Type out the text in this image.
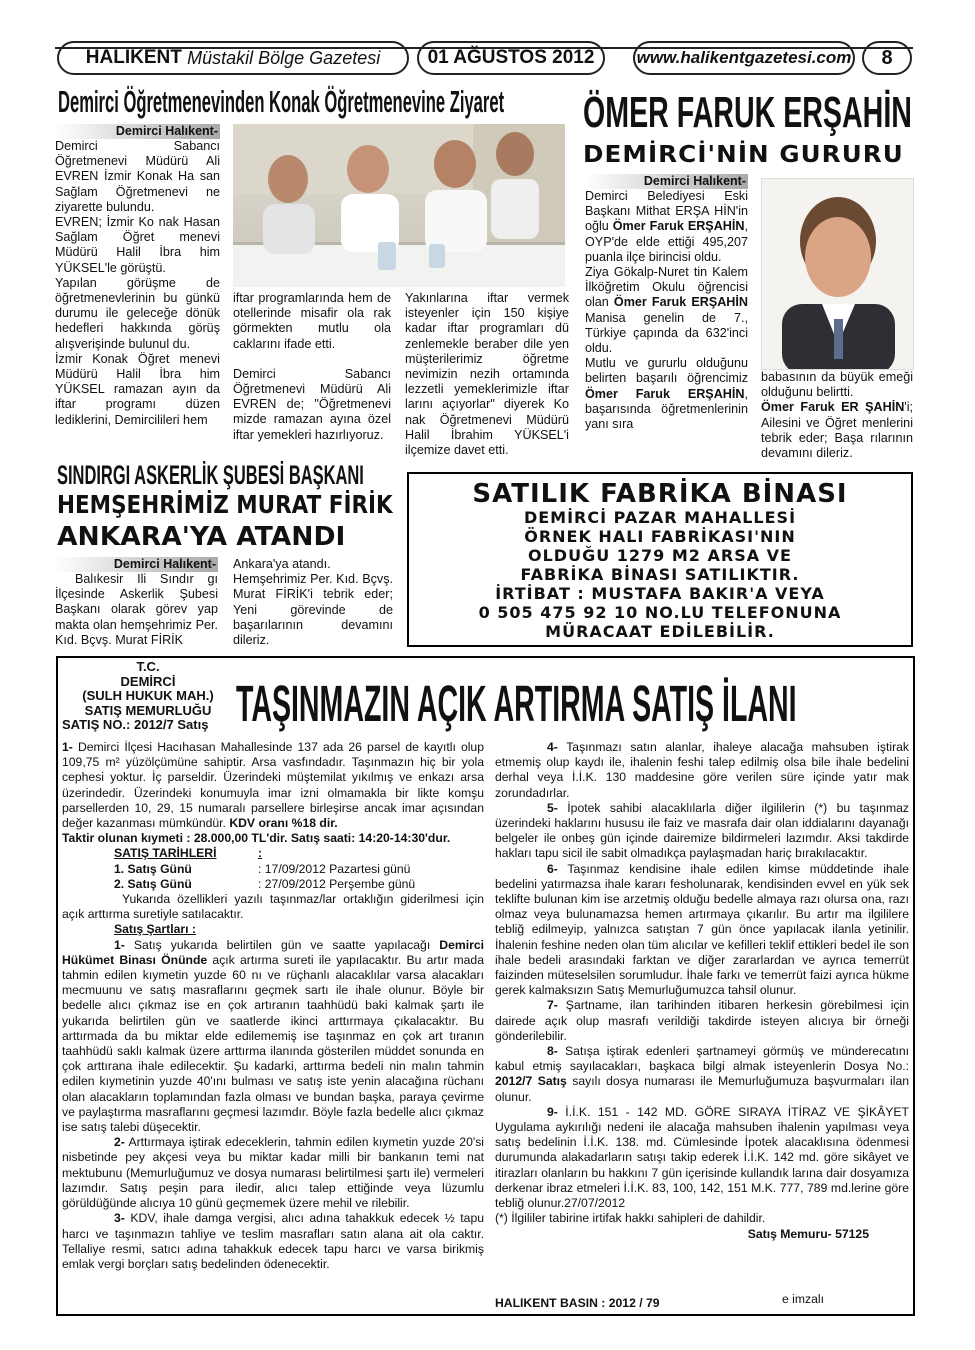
HALIKENT
Müstakil Bölge Gazetesi 01 AĞUSTOS 2012 www.halikentgazetesi.com 8
Demirci Öğretmenevinden Konak Öğretmenevine Ziyaret
Demirci Halıkent-

Demirci Sabancı Öğretmenevi Müdürü Ali EVREN İzmir Konak Ha san Sağlam Öğretmenevi ne ziyarette bulundu.

EVREN; İzmir Ko nak Hasan Sağlam Öğret menevi Müdürü Halil İbra him YÜKSEL'le görüştü.

Yapılan görüşme de öğretmenevlerinin bu günkü durumu ile geleceğe dönük hedefleri hakkında görüş alışverişinde bulunul du.

İzmir Konak Öğret menevi Müdürü Halil İbra him YÜKSEL ramazan ayın da iftar programı düzen lediklerini, Demircilileri hem

iftar programlarında hem de otellerinde misafir ola rak görmekten mutlu ola caklarını ifade etti.

Demirci Sabancı Öğretmenevi Müdürü Ali EVREN de; "Öğretmenevi mizde ramazan ayına özel iftar yemekleri hazırlıyoruz.

Yakınlarına iftar vermek isteyenler için 150 kişiye kadar iftar programları dü zenlemekle beraber dile yen müşterilerimiz öğretme nevimizin nezih ortamında lezzetli yemeklerimizle iftar larını açıyorlar" diyerek Ko nak Öğretmenevi Müdürü Halil İbrahim YÜKSEL'i ilçemize davet etti.

ÖMER FARUK ERŞAHİN
DEMİRCİ'NİN GURURU
Demirci Halıkent-

Demirci Belediyesi Eski Başkanı Mithat ERŞA HİN'in oğlu Ömer Faruk ERŞAHİN, OYP'de elde ettiği 495,207 puanla ilçe birincisi oldu.

Ziya Gökalp-Nuret tin Kalem İlköğretim Okulu öğrencisi olan Ömer Faruk ERŞAHİN Manisa genelin de 7., Türkiye çapında da 632'inci oldu.

Mutlu ve gururlu olduğunu belirten başarılı öğrencimiz Ömer Faruk ERŞAHİN, başarısında öğretmenlerinin yanı sıra

babasının da büyük emeği olduğunu belirtti.

Ömer Faruk ER ŞAHİN'i; Ailesini ve Öğret menlerini tebrik eder; Başa rılarının devamını dileriz.

SINDIRGI ASKERLİK ŞUBESİ BAŞKANI
HEMŞEHRİMİZ MURAT FİRİK
ANKARA'YA ATANDI
Demirci Halıkent-

Balıkesir Ili Sındır gı İlçesinde Askerlik Şubesi Başkanı olarak görev yap makta olan hemşehrimiz Per. Kıd. Bçvş. Murat FİRİK

Ankara'ya atandı.

Hemşehrimiz Per. Kıd. Bçvş. Murat FİRİK'i tebrik eder; Yeni görevinde de başarılarının devamını dileriz.

SATILIK FABRİKA BİNASI
DEMİRCİ PAZAR MAHALLESİ
ÖRNEK HALI FABRİKASI'NIN
OLDUĞU 1279 M2 ARSA VE
FABRİKA BİNASI SATILIKTIR.
İRTİBAT : MUSTAFA BAKIR'A VEYA
0 505 475 92 10 NO.LU TELEFONUNA
MÜRACAAT EDİLEBİLİR.
T.C.
DEMİRCİ
(SULH HUKUK MAH.)
SATIŞ MEMURLUĞU
SATIŞ NO.: 2012/7 Satış TAŞINMAZIN AÇIK ARTIRMA SATIŞ İLANI

1- Demirci İlçesi Hacıhasan Mahallesinde 137 ada 26 parsel de kayıtlı olup 109,75 m² yüzölçümüne sahiptir. Arsa vasfındadır. Taşınmazın hiç bir yola cephesi yoktur. İç parseldir. Üzerindeki müştemilat yıkılmış ve enkazı arsa üzerindedir. Üzerindeki konumuyla imar izni olmamakla bir likte komşu parsellerden 10, 29, 15 numaralı parsellere birleşirse ancak imar açısından değer kazanması mümkündür. KDV oranı %18 dir.

Taktir olunan kıymeti : 28.000,00 TL'dir. Satış saati: 14:20-14:30'dur.

SATIŞ TARİHLERİ	:
1. Satış Günü	: 17/09/2012 Pazartesi günü
2. Satış Günü	: 27/09/2012 Perşembe günü

Yukarıda özellikleri yazılı taşınmaz/lar ortaklığın giderilmesi için açık arttırma suretiyle satılacaktır.

Satış Şartları :

1- Satış yukarıda belirtilen gün ve saatte yapılacağı Demirci Hükümet Binası Önünde açık artırma sureti ile yapılacaktır. Bu artır mada tahmin edilen kıymetin yuzde 60 nı ve rüçhanlı alacaklılar varsa alacakları mecmuunu ve satış masraflarını geçmek sartı ile ihale olunur. Böyle bir bedelle alıcı çıkmaz ise en çok artıranın taahhüdü baki kalmak şartı ile yukarıda belirtilen gün ve saatlerde ikinci arttırmaya çıkalacaktır. Bu arttırmada da bu miktar elde edilememiş ise taşınmaz en çok art tıranın taahhüdü saklı kalmak üzere arttırma ilanında gösterilen müddet sonunda en çok arttırana ihale edilecektir. Şu kadarki, arttırma bedeli nin malın tahmin edilen kıymetinin yuzde 40'ını bulması ve satış iste yenin alacağına rüchanı olan alacakların toplamından fazla olması ve bundan başka, paraya çevirme ve paylaştırma masraflarını geçmesi lazımdır. Böyle fazla bedelle alıcı çıkmaz ise satış talebi düşecektir.

2- Arttırmaya iştirak edeceklerin, tahmin edilen kıymetin yuzde 20'si nisbetinde pey akçesi veya bu miktar kadar milli bir bankanın temi nat mektubunu (Memurluğumuz ve dosya numarası belirtilmesi şartı ile) vermeleri lazımdır. Satış peşin para iledir, alıcı talep ettiğinde veya lüzumlu görüldüğünde alıcıya 10 günü geçmemek üzere mehil ve rilebilir.

3- KDV, ihale damga vergisi, alıcı adına tahakkuk edecek ½ tapu harcı ve taşınmazın tahliye ve teslim masrafları satın alana ait ola caktır. Tellaliye resmi, satıcı adına tahakkuk edecek tapu harcı ve varsa birikmiş emlak vergi borçları satış bedelinden ödenecektir.

4- Taşınmazı satın alanlar, ihaleye alacağa mahsuben iştirak etmemiş olup kaydı ile, ihalenin feshi talep edilmiş olsa bile ihale bedelini derhal veya İ.İ.K. 130 maddesine göre verilen süre içinde yatır mak zorundadırlar.

5- İpotek sahibi alacaklılarla diğer ilgililerin (*) bu taşınmaz üzerindeki haklarını hususu ile faiz ve masrafa dair olan iddialarını dayanağı belgeler ile onbeş gün içinde dairemize bildirmeleri lazımdır. Aksi takdirde hakları tapu sicil ile sabit olmadıkça paylaşmadan hariç bırakılacaktır.

6- Taşınmaz kendisine ihale edilen kimse müddetinde ihale bedelini yatırmazsa ihale kararı fesholunarak, kendisinden evvel en yük sek teklifte bulunan kim ise arzetmiş olduğu bedelle almaya razı olursa ona, razı olmaz veya bulunamazsa hemen artırmaya çıkarılır. Bu artır ma ilgililere tebliğ edilmeyip, yalnızca satıştan 7 gün önce yapılacak ilanla yetinilir. İhalenin feshine neden olan tüm alıcılar ve kefilleri teklif ettikleri bedel ile son ihale bedeli arasındaki farktan ve diğer zararlardan ve ayrıca temerrüt faizinden müteselsilen sorumludur. İhale farkı ve temerrüt faizi ayrıca hükme gerek kalmaksızın Satış Memurluğumuzca tahsil olunur.

7- Şartname, ilan tarihinden itibaren herkesin görebilmesi için dairede açık olup masrafı verildiği takdirde isteyen alıcıya bir örneği gönderilebilir.

8- Satışa iştirak edenleri şartnameyi görmüş ve münderecatını kabul etmiş sayılacakları, başkaca bilgi almak isteyenlerin Dosya No.: 2012/7 Satış sayılı dosya numarası ile Memurluğumuza başvurmaları ilan olunur.

9- İ.İ.K. 151 - 142 MD. GÖRE SIRAYA İTİRAZ VE ŞİKÂYET Uygulama aykırılığı nedeni ile alacağa mahsuben ihalenin yapılması veya satış bedelinin İ.İ.K. 138. md. Cümlesinde İpotek alacaklısına ödenmesi durumunda alakadarların satışı takip ederek İ.İ.K. 142 md. göre sikâyet ve itirazları olanların bu hakkını 7 gün içerisinde kullandık larına dair dosyamıza derkenar ibraz etmeleri İ.İ.K. 83, 100, 142, 151 M.K. 777, 789 md.lerine göre tebliğ olunur.27/07/2012

(*) İlgililer tabirine irtifak hakkı sahipleri de dahildir.

Satış Memuru- 57125

HALIKENT BASIN : 2012 / 79	e imzalı
